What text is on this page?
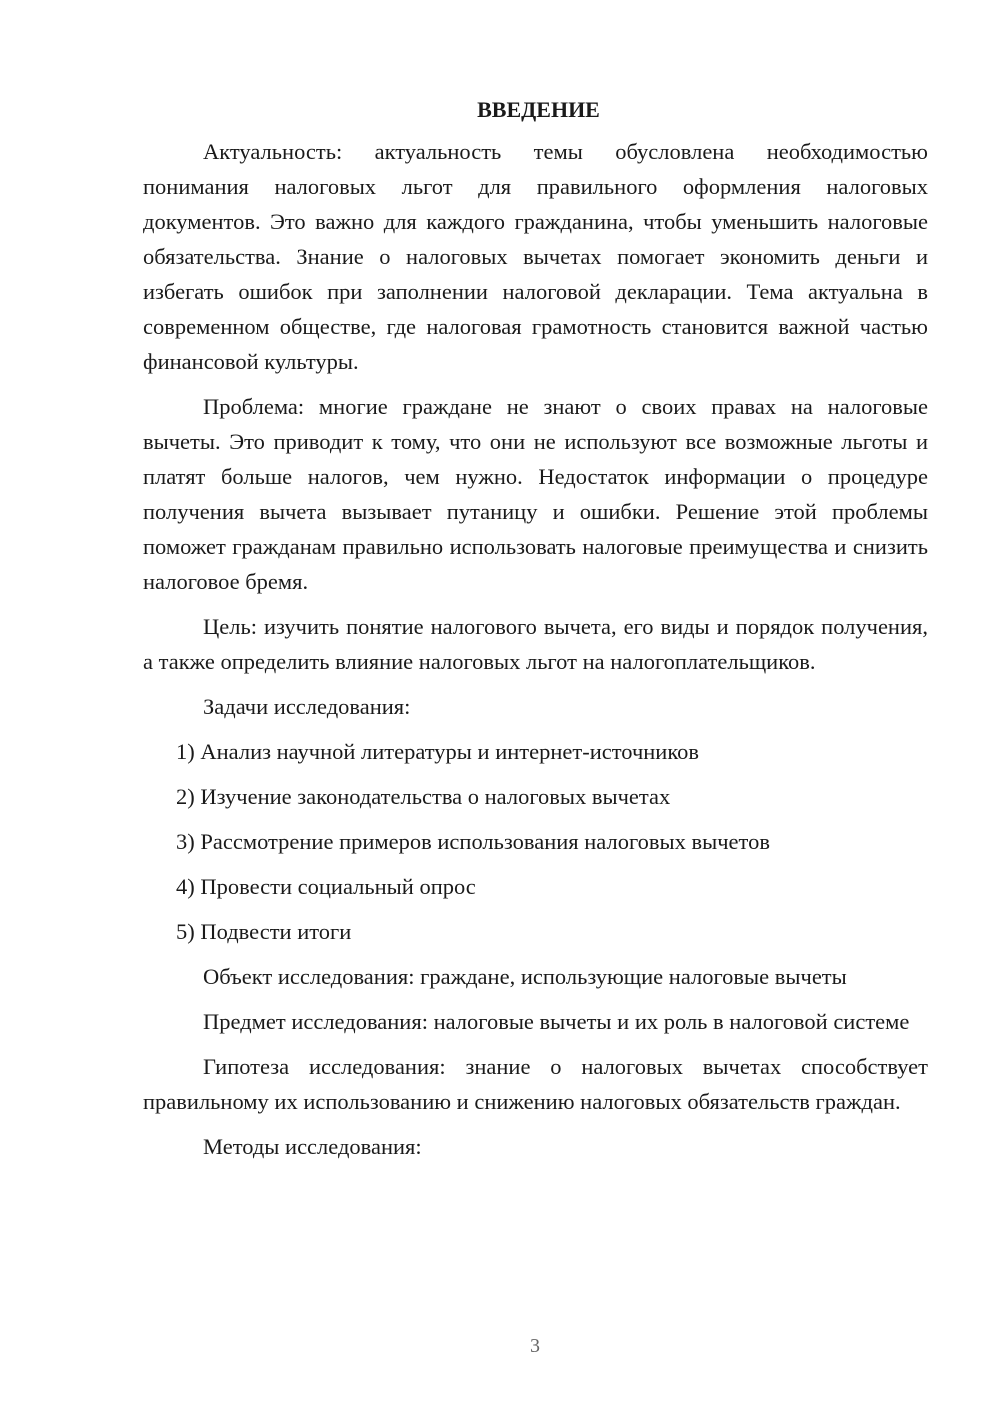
ВВЕДЕНИЕ

Актуальность: актуальность темы обусловлена необходимостью понимания налоговых льгот для правильного оформления налоговых документов. Это важно для каждого гражданина, чтобы уменьшить налоговые обязательства. Знание о налоговых вычетах помогает экономить деньги и избегать ошибок при заполнении налоговой декларации. Тема актуальна в современном обществе, где налоговая грамотность становится важной частью финансовой культуры.

Проблема: многие граждане не знают о своих правах на налоговые вычеты. Это приводит к тому, что они не используют все возможные льготы и платят больше налогов, чем нужно. Недостаток информации о процедуре получения вычета вызывает путаницу и ошибки. Решение этой проблемы поможет гражданам правильно использовать налоговые преимущества и снизить налоговое бремя.

Цель: изучить понятие налогового вычета, его виды и порядок получения, а также определить влияние налоговых льгот на налогоплательщиков.

Задачи исследования:

1) Анализ научной литературы и интернет-источников
2) Изучение законодательства о налоговых вычетах
3) Рассмотрение примеров использования налоговых вычетов
4) Провести социальный опрос
5) Подвести итоги

Объект исследования: граждане, использующие налоговые вычеты

Предмет исследования: налоговые вычеты и их роль в налоговой системе

Гипотеза исследования: знание о налоговых вычетах способствует правильному их использованию и снижению налоговых обязательств граждан.

Методы исследования:

3
